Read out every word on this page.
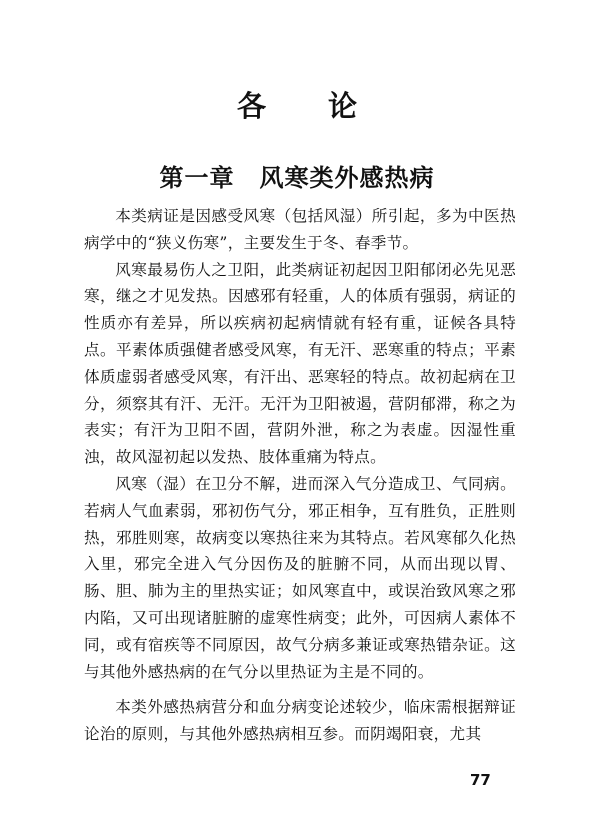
各论
第一章　风寒类外感热病

本类病证是因感受风寒（包括风湿）所引起，多为中医热病学中的“狭义伤寒”，主要发生于冬、春季节。

风寒最易伤人之卫阳，此类病证初起因卫阳郁闭必先见恶寒，继之才见发热。因感邪有轻重，人的体质有强弱，病证的性质亦有差异，所以疾病初起病情就有轻有重，证候各具特点。平素体质强健者感受风寒，有无汗、恶寒重的特点；平素体质虚弱者感受风寒，有汗出、恶寒轻的特点。故初起病在卫分，须察其有汗、无汗。无汗为卫阳被遏，营阴郁滞，称之为表实；有汗为卫阳不固，营阴外泄，称之为表虚。因湿性重浊，故风湿初起以发热、肢体重痛为特点。

风寒（湿）在卫分不解，进而深入气分造成卫、气同病。若病人气血素弱，邪初伤气分，邪正相争，互有胜负，正胜则热，邪胜则寒，故病变以寒热往来为其特点。若风寒郁久化热入里，邪完全进入气分因伤及的脏腑不同，从而出现以胃、肠、胆、肺为主的里热实证；如风寒直中，或误治致风寒之邪内陷，又可出现诸脏腑的虚寒性病变；此外，可因病人素体不同，或有宿疾等不同原因，故气分病多兼证或寒热错杂证。这与其他外感热病的在气分以里热证为主是不同的。

本类外感热病营分和血分病变论述较少，临床需根据辩证论治的原则，与其他外感热病相互参。而阴竭阳衰，尤其

77
